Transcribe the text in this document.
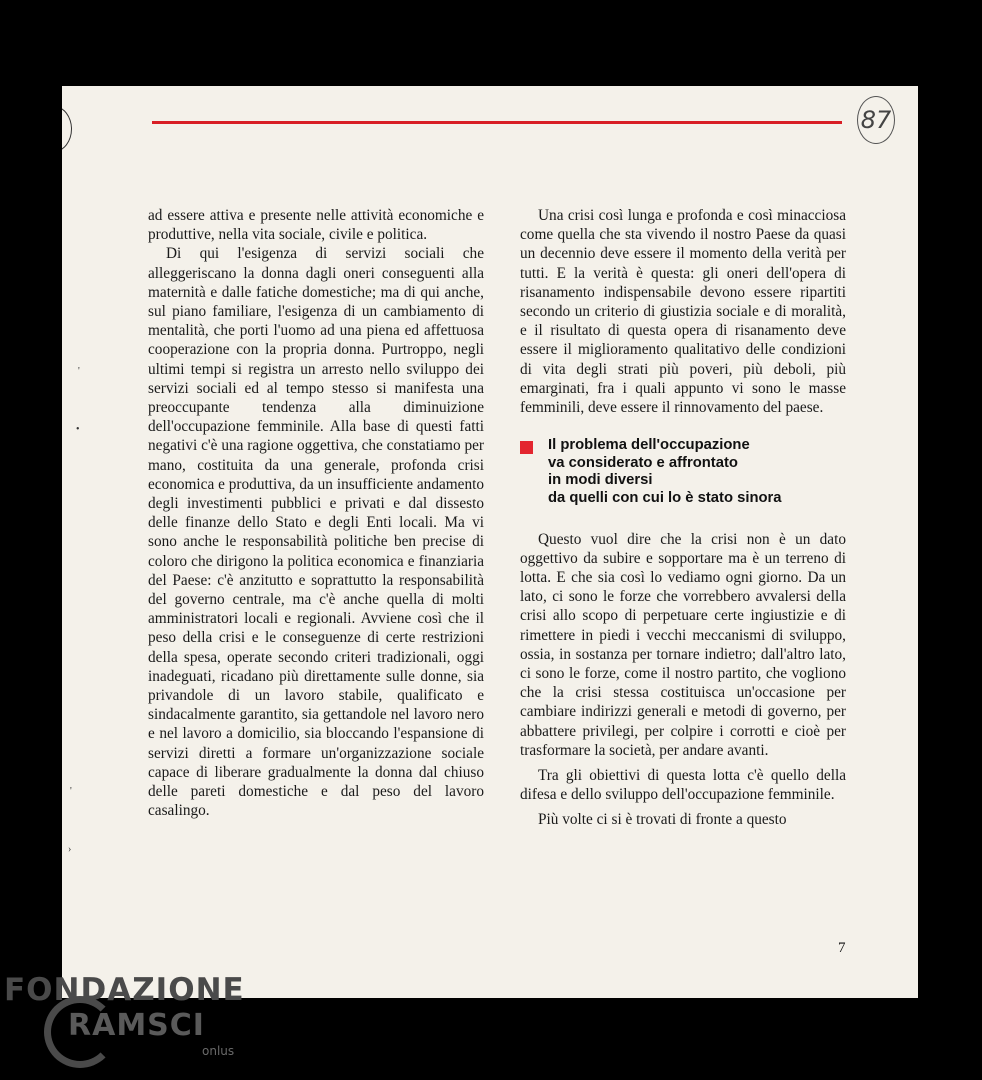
87
'
•
'
›

ad essere attiva e presente nelle attività economiche e produttive, nella vita sociale, civile e politica.

Di qui l'esigenza di servizi sociali che alleggeriscano la donna dagli oneri conseguenti alla maternità e dalle fatiche domestiche; ma di qui anche, sul piano familiare, l'esigenza di un cambiamento di mentalità, che porti l'uomo ad una piena ed affettuosa cooperazione con la propria donna. Purtroppo, negli ultimi tempi si registra un arresto nello sviluppo dei servizi sociali ed al tempo stesso si manifesta una preoccupante tendenza alla diminuizione dell'occupazione femminile. Alla base di questi fatti negativi c'è una ragione oggettiva, che constatiamo per mano, costituita da una generale, profonda crisi economica e produttiva, da un insufficiente andamento degli investimenti pubblici e privati e dal dissesto delle finanze dello Stato e degli Enti locali. Ma vi sono anche le responsabilità politiche ben precise di coloro che dirigono la politica economica e finanziaria del Paese: c'è anzitutto e soprattutto la responsabilità del governo centrale, ma c'è anche quella di molti amministratori locali e regionali. Avviene così che il peso della crisi e le conseguenze di certe restrizioni della spesa, operate secondo criteri tradizionali, oggi inadeguati, ricadano più direttamente sulle donne, sia privandole di un lavoro stabile, qualificato e sindacalmente garantito, sia gettandole nel lavoro nero e nel lavoro a domicilio, sia bloccando l'espansione di servizi diretti a formare un'organizzazione sociale capace di liberare gradualmente la donna dal chiuso delle pareti domestiche e dal peso del lavoro casalingo.

Una crisi così lunga e profonda e così minacciosa come quella che sta vivendo il nostro Paese da quasi un decennio deve essere il momento della verità per tutti. E la verità è questa: gli oneri dell'opera di risanamento indispensabile devono essere ripartiti secondo un criterio di giustizia sociale e di moralità, e il risultato di questa opera di risanamento deve essere il miglioramento qualitativo delle condizioni di vita degli strati più poveri, più deboli, più emarginati, fra i quali appunto vi sono le masse femminili, deve essere il rinnovamento del paese.

Il problema dell'occupazione
va considerato e affrontato
in modi diversi
da quelli con cui lo è stato sinora

Questo vuol dire che la crisi non è un dato oggettivo da subire e sopportare ma è un terreno di lotta. E che sia così lo vediamo ogni giorno. Da un lato, ci sono le forze che vorrebbero avvalersi della crisi allo scopo di perpetuare certe ingiustizie e di rimettere in piedi i vecchi meccanismi di sviluppo, ossia, in sostanza per tornare indietro; dall'altro lato, ci sono le forze, come il nostro partito, che vogliono che la crisi stessa costituisca un'occasione per cambiare indirizzi generali e metodi di governo, per abbattere privilegi, per colpire i corrotti e cioè per trasformare la società, per andare avanti.

Tra gli obiettivi di questa lotta c'è quello della difesa e dello sviluppo dell'occupazione femminile.

Più volte ci si è trovati di fronte a questo

7
FONDAZIONE
RAMSCI
onlus
